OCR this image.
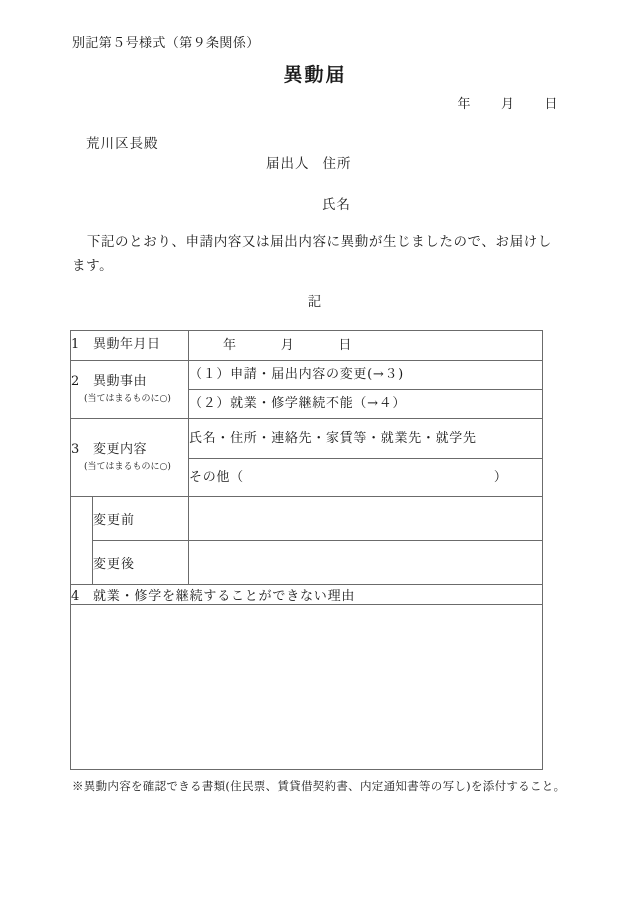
別記第５号様式（第９条関係）
異動届
年 月 日
荒川区長殿
届出人 住所
氏名
下記のとおり、申請内容又は届出内容に異動が生じましたので、お届けします。
記
1 異動年月日		年 月 日
2 異動事由
(当てはまるものに○)		（１）申請・届出内容の変更(→３)
		（２）就業・修学継続不能（→４）
3 変更内容
(当てはまるものに○)		氏名・住所・連絡先・家賃等・就業先・就学先
		その他（ ）
	変更前	
	変更後	
4 就業・修学を継続することができない理由		

※異動内容を確認できる書類(住民票、賃貸借契約書、内定通知書等の写し)を添付すること。
